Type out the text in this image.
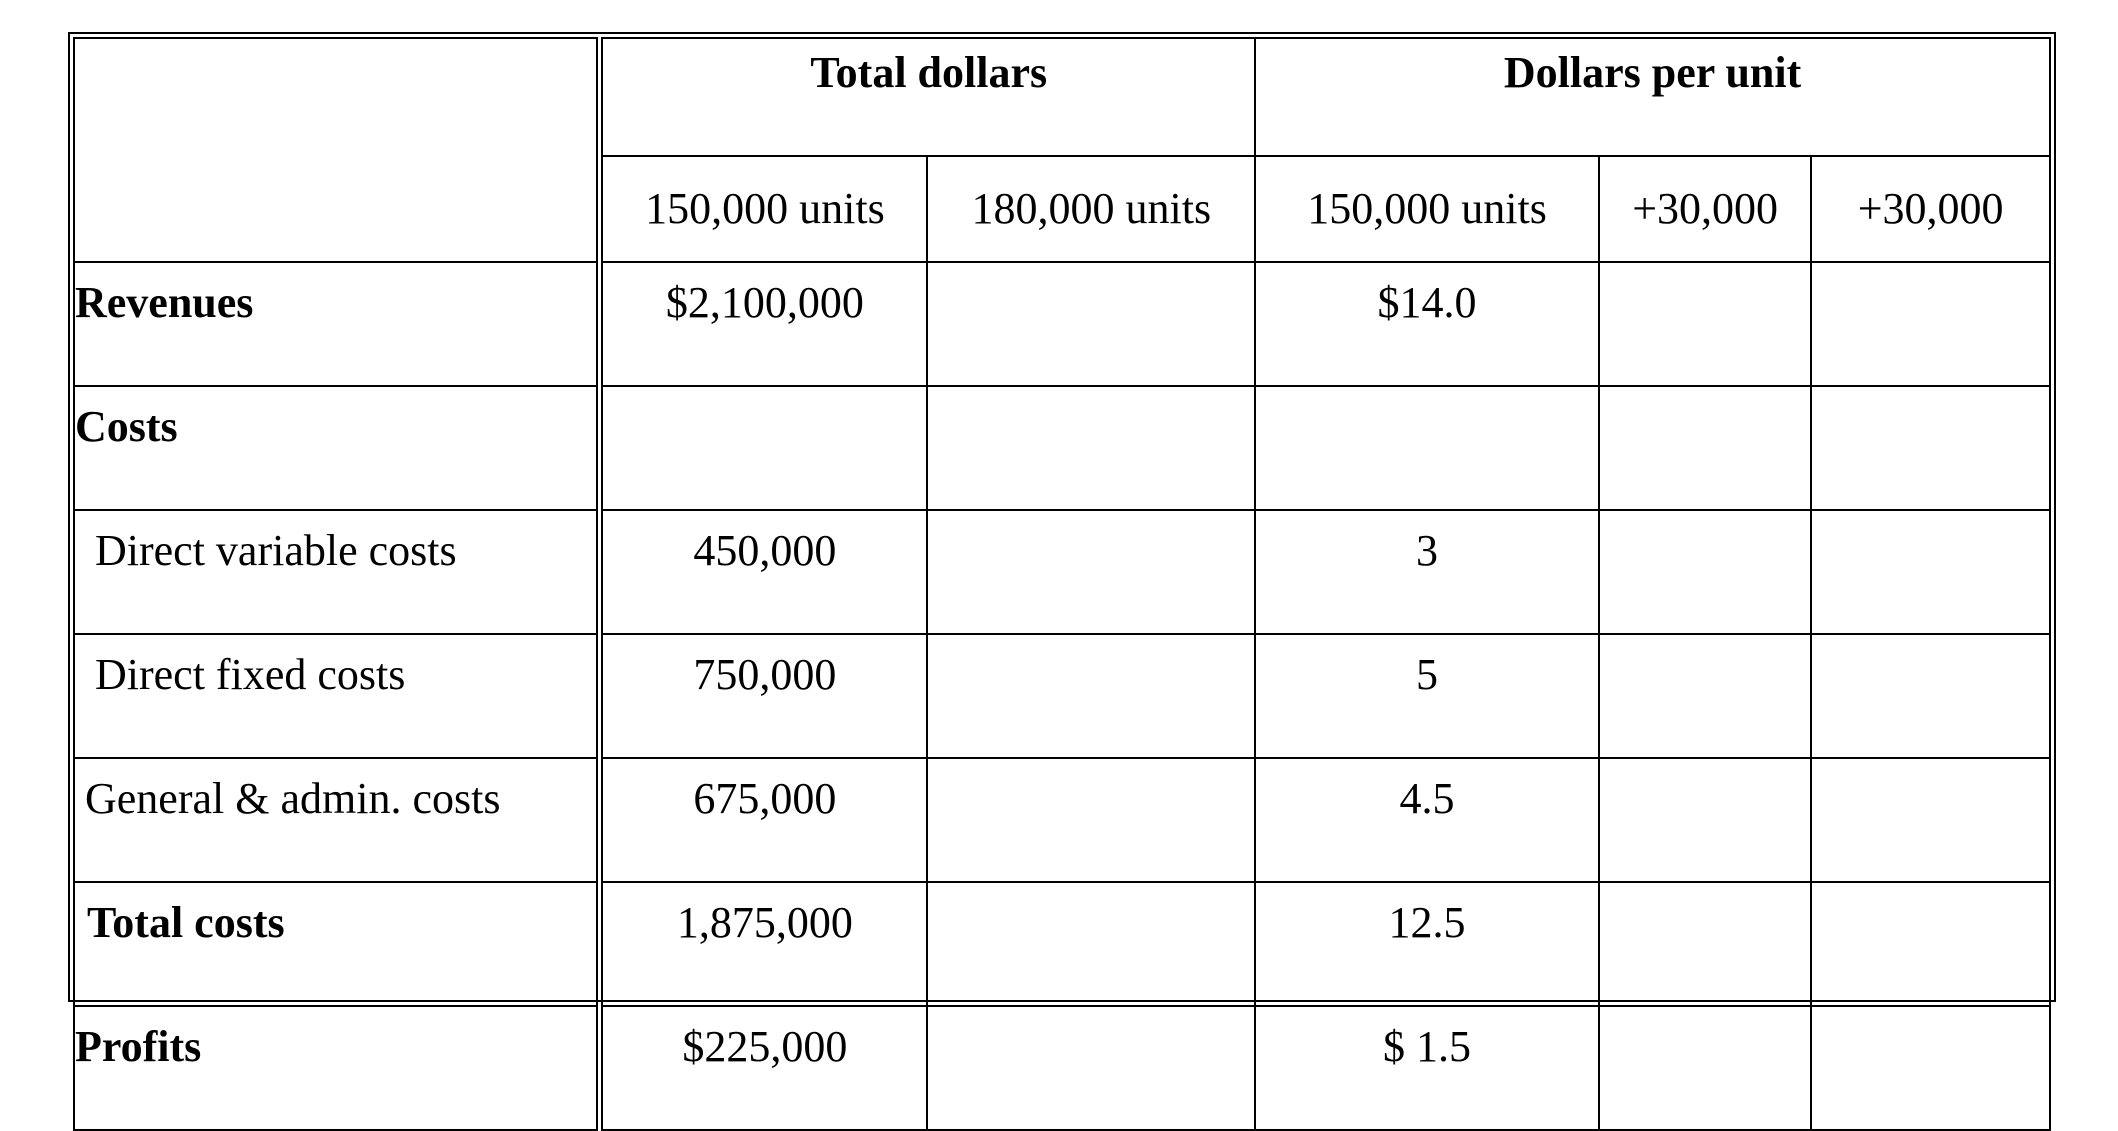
	Total dollars		Dollars per unit		
	150,000 units	180,000 units	150,000 units	+30,000	+30,000
Revenues	$2,100,000		$14.0		
Costs					
Direct variable costs	450,000		3		
Direct fixed costs	750,000		5		
General & admin. costs	675,000		4.5		
Total costs	1,875,000		12.5		
Profits	$225,000		$ 1.5		
